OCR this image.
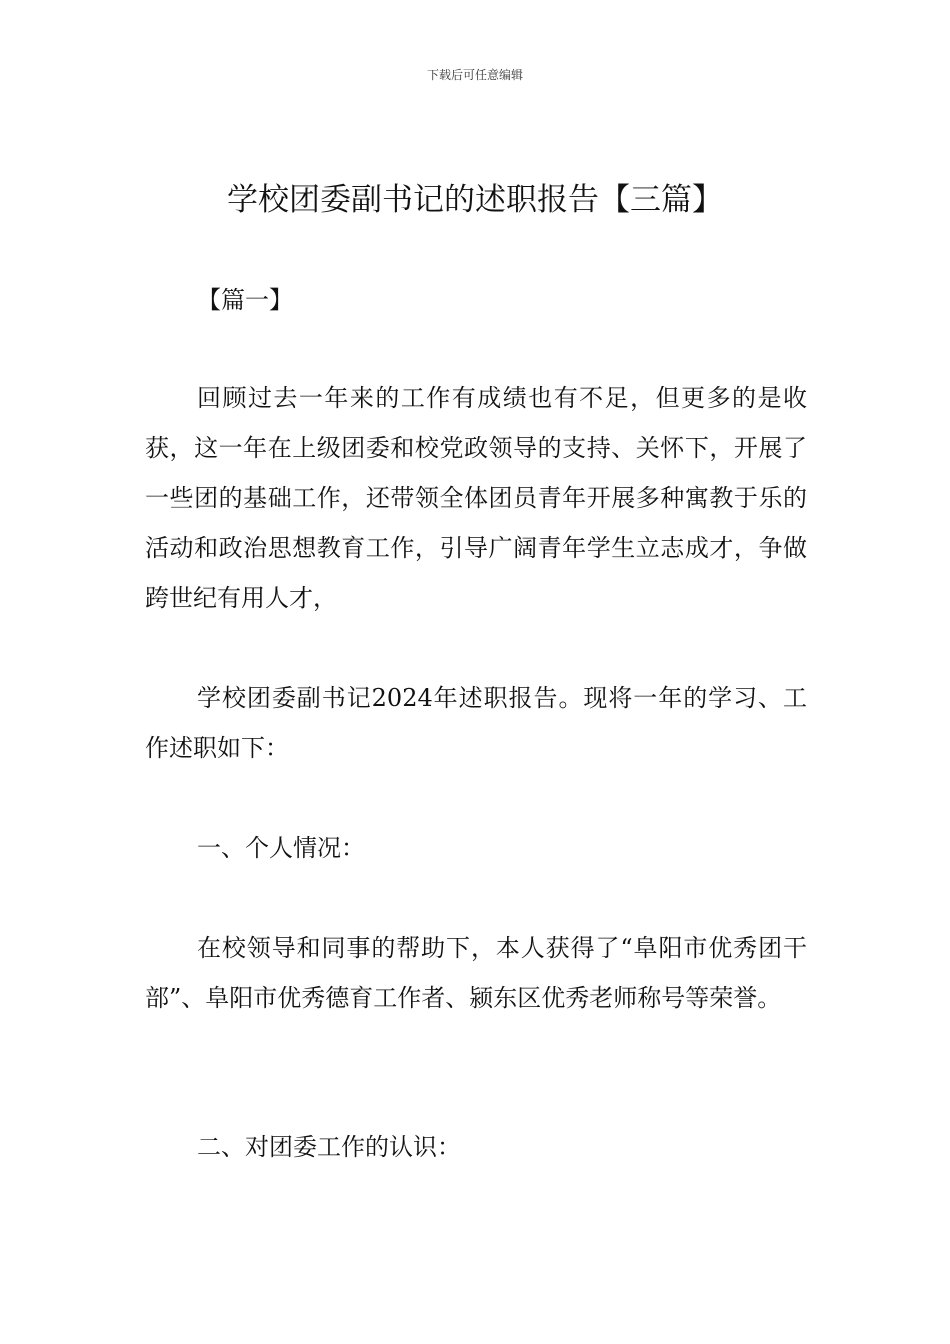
下载后可任意编辑
学校团委副书记的述职报告【三篇】
【篇一】

回顾过去一年来的工作有成绩也有不足，但更多的是收获，这一年在上级团委和校党政领导的支持、关怀下，开展了一些团的基础工作，还带领全体团员青年开展多种寓教于乐的活动和政治思想教育工作，引导广阔青年学生立志成才，争做跨世纪有用人才，

学校团委副书记2024年述职报告。现将一年的学习、工作述职如下：

一、个人情况：

在校领导和同事的帮助下，本人获得了“阜阳市优秀团干部”、阜阳市优秀德育工作者、颍东区优秀老师称号等荣誉。

二、对团委工作的认识：
